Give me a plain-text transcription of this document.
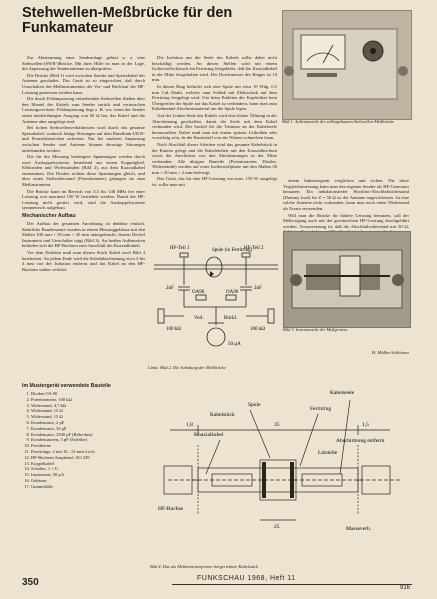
Stehwellen-Meßbrücke für den Funkamateur
Bild 1. Außenansicht der selbstgebauten Stehwellen-Meßbrücke

Zur Abstimmung einer Sendeanlage gehört u. a. eine Stehwellen-(SWR-)Brücke. Mit ihrer Hilfe ist man in der Lage, die Anpassung der Senderantenne zu überprüfen.

Die Brücke (Bild 1) wird zwischen Sender und Speisekabel der Antenne geschaltet. Das Gerät ist so eingerichtet, daß durch Umschalten des Meßinstrumentes der Vor- und Rücklauf der HF-Leistung gemessen werden kann.

Die durch Fehlanpassung entstehenden Stehwellen fließen über den Mantel des Kabels zum Sender zurück und verursachen Leistungsverluste. Fehlanpassung liegt z. B. vor, wenn der Sender einen niederohmigen Ausgang von 60 Ω hat, das Kabel und die Antenne aber ausgelegt sind.

Bei hohen Stehwellenverhältnissen wird durch das gesamte Speisekabel, wodurch lästige Störungen auf dem Rundfunk-UKW- und Fernsehbereichen auftreten. Nur bei sauberer Anpassung zwischen Sender und Antenne können derartige Störungen unterbunden werden.

Die für die Messung benötigten Spannungen werden durch zwei Auskoppelsysteme, bestehend aus einem Koppelglied, Elektroden und Widerständen (Bild 2), aus dem Koaxialkabel entnommen. Die Dioden richten diese Spannungen gleich, und über einen Stellwiderstand (Potentiometer) gelangen sie zum Meßinstrument.

Die Brücke kann im Bereich von 3,5 bis 146 MHz bei einer Leistung von maximal 150 W betrieben werden. Damit die HF-Leistung nicht gestört wird, sind die Auskoppelsysteme symmetrisch aufgebaut.

Mechanischer Aufbau

Der Aufbau der gesamten Anordnung ist denkbar einfach. Sämtliche Bauelemente wurden in einem Messinggehäuse mit den Maßen 100 mm × 50 mm × 45 mm untergebracht, dessen Deckel Instrument und Umschalter trägt (Bild 3). An beiden Außenseiten befinden sich die HF-Buchsen zum Anschluß des Koaxialkabels.

Vor dem Einlöten muß man diesen Stück Kabel nach Bild 4 bearbeiten. An jedem Ende wird die Kabelabschirmung etwa 3 bis 4 mm von der Isolation entfernt und das Kabel an den HF-Buchsen sauber verlötet.

Im Mustergerät verwendete Bauteile
1. Dioden OA 90
2. Potentiometer, 100 kΩ
3. Widerstand, 4,7 kΩ
4. Widerstand, 15 Ω
5. Widerstand, 15 Ω
6. Kondensator, 2 pF
7. Kondensator, 30 pF
8. Kondensator, 2500 pF (Röhrchen)
9. Kondensatoren, 3 pF (Scheibe)
10. Ferritkerne
11. Ferritringe, 2 mit 10...12-mm-Loch
12. HF-Buchsen Amphenol, SO 239
13. Koppelkabel
14. Schalter, 1 × U
15. Instrument, 50 µA
16. Gehäuse
17. Gummifüße

Die Isolation um die Seele des Kabels sollte dabei nicht beschädigt werden. An diesen Stellen wird mit einem Isolierstoffschlauch ein Ferritring festgeklebt, daß das Koaxialkabel in der Mitte festgehalten wird. Der Durchmesser des Ringes ist 10 mm.

In diesen Ring befindet sich eine Spule mit etwa 10 Wdg. 0,5 mm CuL-Draht, welcher zum Schluß mit Elektrolack auf dem Ferritring festgelegt wird. Um beim Einlöten der Kupferlitze kein Übergreifen der Spule auf das Kabel zu verhindern, kann man zum Kabelmantel Abschirmmaterial um die Spule legen.

Auf der Linken Seite des Kabels wird eine kleine Öffnung in der Abschirmung geschaffen, damit die Seele mit dem Kabel verbunden wird. Der Sockel für die Trimmer an der Kabelseele herausstellen. Dabei muß man mit einem spitzen Lötkolben sehr vorsichtig sein, da der Kunststoff von der Wärme schmelzen kann.

Nach Abschluß dieser Arbeiten wird das gesamte Kabelstück in die Kanten gelegt und die Kabeleinheit mit den Koaxialbuchsen sowie die Anschlüsse von den Abschirmungen in der Mitte verbunden. Alle übrigen Bauteile (Potentiometer, Dioden, Widerstände) werden auf einer Isolierstoffplatte mit den Maßen 50 mm × 30 mm × 2 mm befestigt.

Das Gerät, das für eine HF-Leistung von max. 150 W ausgelegt ist, sollte man mit

einem Industriegerät verglichen und eichen. Für diese Vergleichsmessung kann man den eigenen Sender als HF-Generator benutzen. Ein induktionsfreier Hochlast-Abschlußwiderstand (Dummy load) für Z = 50 Ω ist der Antenne angeschlossen. Ist eine solche Antenne nicht vorhanden, kann man auch einen Widerstand als Ersatz verwenden.

Will man die Brücke für höhere Leistung benutzen, soll der Meßvorgang auch mit der gewünschten HF-Leistung durchgeführt werden. Voraussetzung ist, daß die Abschlußwiderstand mit 50 Ω,

H. Müller-Schlösser
Spule (in Ferritring)
HF-Teil 1	HF-Teil 2
100 kΩ	100 kΩ
2nF	2nF
OA90	OA90
50 µA
Vorl.	Rückl.
Links: Bild 2. Die Schaltung der Meßbrücke
Bild 3. Innenansicht der Meßgerätes
Kabelstück
Koaxialkabel
Spule
Ferritring
Kabelseele
Abschirmung entfernt
Lötstelle
Masseverb.
HF-Buchse
1,8	1,5
25
35
Bild 4. Das als Meßnetztransformer hergerichtete Kabelstück
350	FUNKSCHAU 1968, Heft 11
916
